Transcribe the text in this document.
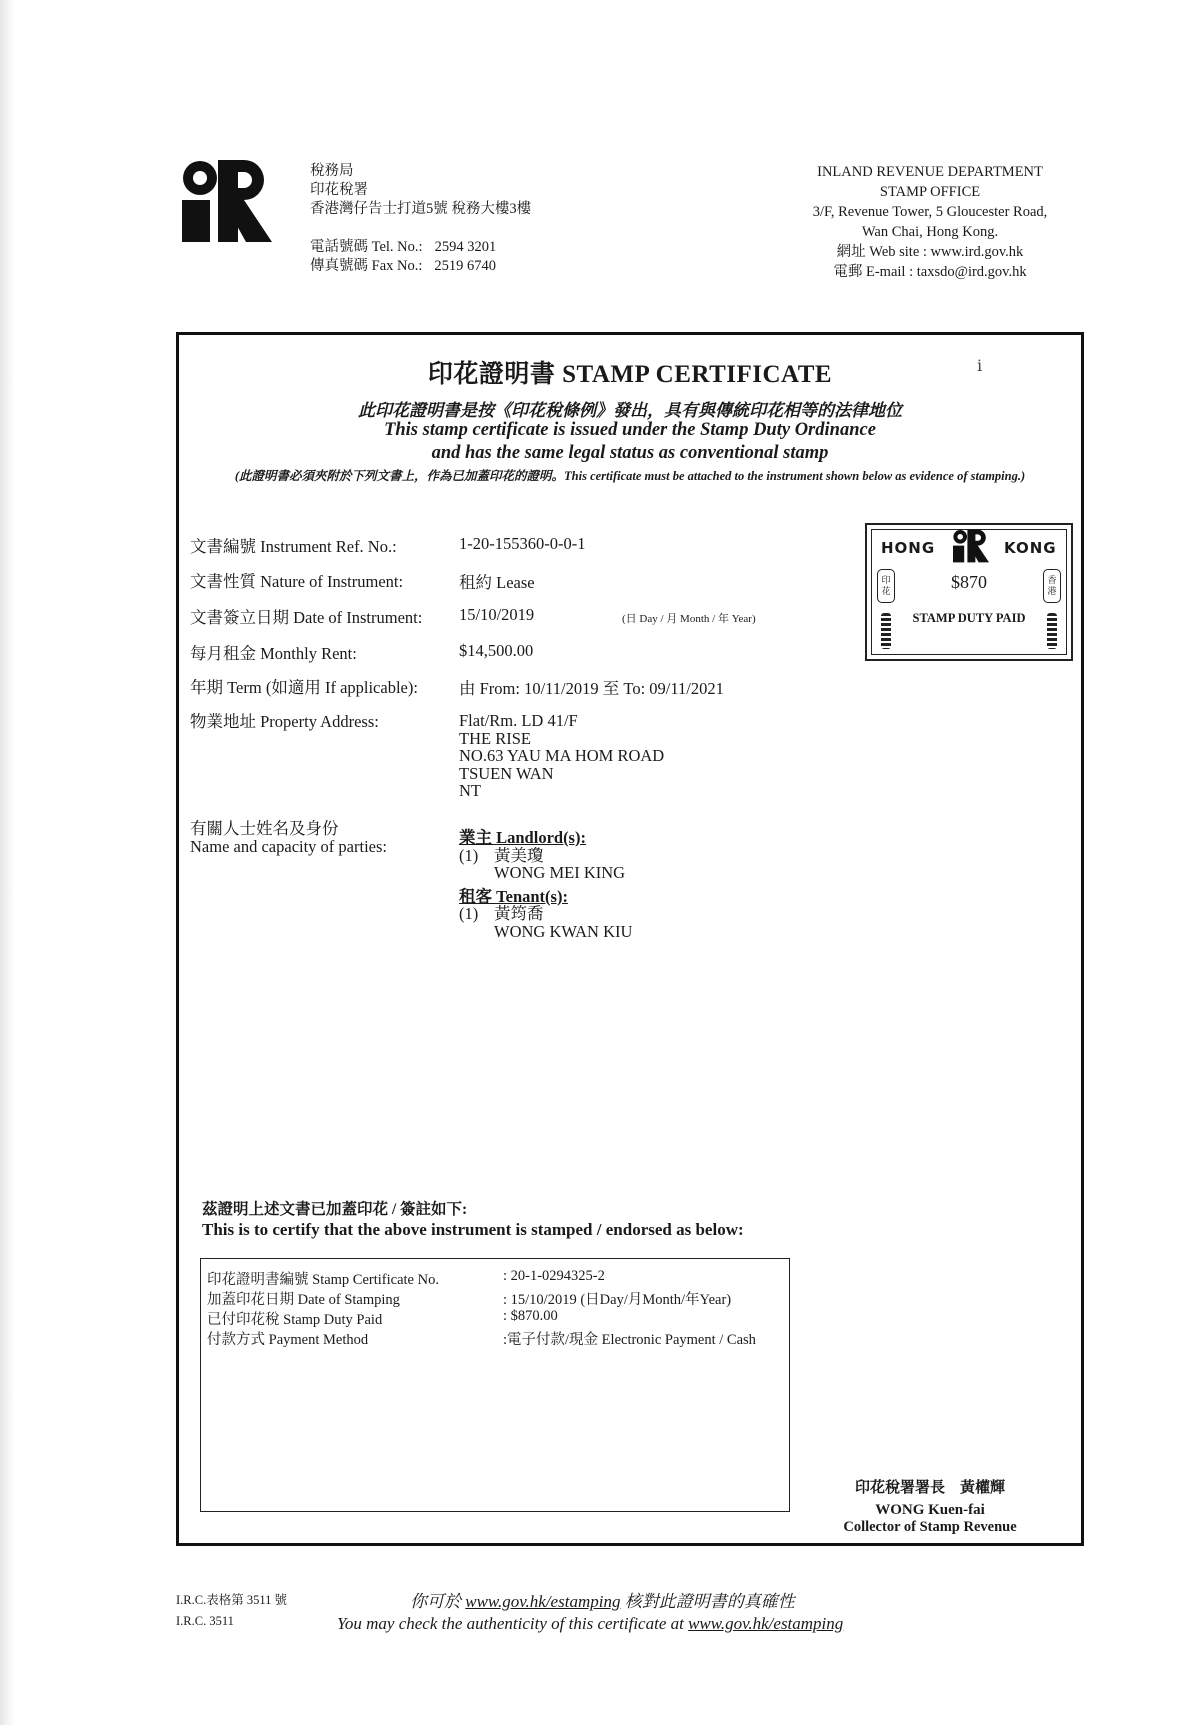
稅務局
印花稅署
香港灣仔告士打道5號 稅務大樓3樓
電話號碼 Tel. No.: 2594 3201
傳真號碼 Fax No.: 2519 6740
INLAND REVENUE DEPARTMENT
STAMP OFFICE
3/F, Revenue Tower, 5 Gloucester Road,
Wan Chai, Hong Kong.
網址 Web site : www.ird.gov.hk
電郵 E-mail : taxsdo@ird.gov.hk
印花證明書 STAMP CERTIFICATE	ⅰ
此印花證明書是按《印花稅條例》發出，具有與傳統印花相等的法律地位
This stamp certificate is issued under the Stamp Duty Ordinance
and has the same legal status as conventional stamp
(此證明書必須夾附於下列文書上，作為已加蓋印花的證明。This certificate must be attached to the instrument shown below as evidence of stamping.)
文書編號 Instrument Ref. No.:	1-20-155360-0-0-1
文書性質 Nature of Instrument:	租約 Lease
文書簽立日期 Date of Instrument: 15/10/2019	(日 Day / 月 Month / 年 Year)
每月租金 Monthly Rent:	$14,500.00
年期 Term (如適用 If applicable): 由 From: 10/11/2019 至 To: 09/11/2021
物業地址 Property Address:	Flat/Rm. LD 41/F
THE RISE
NO.63 YAU MA HOM ROAD
TSUEN WAN
NT
有關人士姓名及身份
Name and capacity of parties:	業主 Landlord(s):
(1) 黃美瓊
WONG MEI KING
租客 Tenant(s):
(1) 黃筠喬
WONG KWAN KIU
HONG	KONG
印花
香港
$870
STAMP DUTY PAID
茲證明上述文書已加蓋印花 / 簽註如下:
This is to certify that the above instrument is stamped / endorsed as below:
印花證明書編號 Stamp Certificate No.	: 20-1-0294325-2
加蓋印花日期 Date of Stamping	: 15/10/2019 (日Day/月Month/年Year)
已付印花稅 Stamp Duty Paid	: $870.00
付款方式 Payment Method	:電子付款/現金 Electronic Payment / Cash
印花稅署署長　黃權輝
WONG Kuen-fai
Collector of Stamp Revenue
I.R.C.表格第 3511 號
I.R.C. 3511
你可於 www.gov.hk/estamping 核對此證明書的真確性
You may check the authenticity of this certificate at www.gov.hk/estamping
